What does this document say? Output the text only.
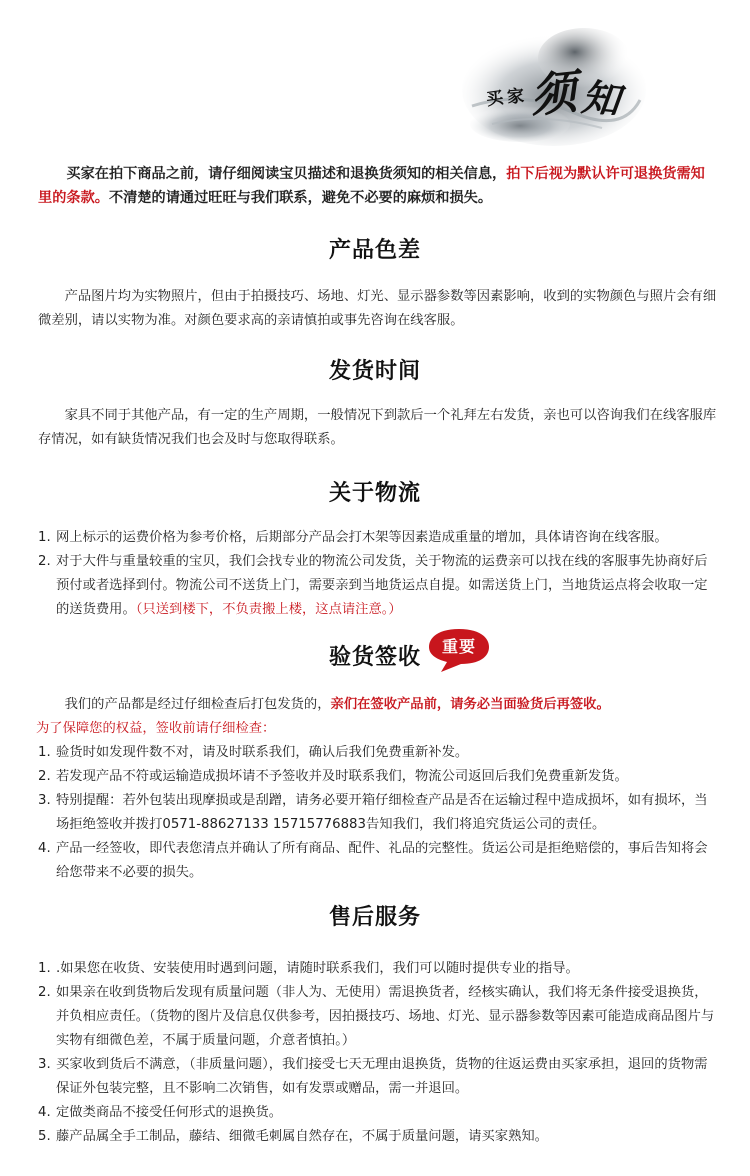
买 家 须 知
买家在拍下商品之前，请仔细阅读宝贝描述和退换货须知的相关信息，拍下后视为默认许可退换货需知里的条款。不清楚的请通过旺旺与我们联系，避免不必要的麻烦和损失。
产品色差
产品图片均为实物照片，但由于拍摄技巧、场地、灯光、显示器参数等因素影响，收到的实物颜色与照片会有细微差别，请以实物为准。对颜色要求高的亲请慎拍或事先咨询在线客服。
发货时间
家具不同于其他产品，有一定的生产周期，一般情况下到款后一个礼拜左右发货，亲也可以咨询我们在线客服库存情况，如有缺货情况我们也会及时与您取得联系。
关于物流
1. 网上标示的运费价格为参考价格，后期部分产品会打木架等因素造成重量的增加，具体请咨询在线客服。
2. 对于大件与重量较重的宝贝，我们会找专业的物流公司发货，关于物流的运费亲可以找在线的客服事先协商好后预付或者选择到付。物流公司不送货上门，需要亲到当地货运点自提。如需送货上门，当地货运点将会收取一定的送货费用。（只送到楼下，不负责搬上楼，这点请注意。）
验货签收	重要
我们的产品都是经过仔细检查后打包发货的，亲们在签收产品前，请务必当面验货后再签收。
为了保障您的权益，签收前请仔细检查：
1. 验货时如发现件数不对，请及时联系我们，确认后我们免费重新补发。
2. 若发现产品不符或运输造成损坏请不予签收并及时联系我们，物流公司返回后我们免费重新发货。
3. 特别提醒：若外包装出现摩损或是刮蹭，请务必要开箱仔细检查产品是否在运输过程中造成损坏，如有损坏，当场拒绝签收并拨打0571-88627133 15715776883告知我们，我们将追究货运公司的责任。
4. 产品一经签收，即代表您清点并确认了所有商品、配件、礼品的完整性。货运公司是拒绝赔偿的，事后告知将会给您带来不必要的损失。
售后服务
1. .如果您在收货、安装使用时遇到问题，请随时联系我们，我们可以随时提供专业的指导。
2. 如果亲在收到货物后发现有质量问题（非人为、无使用）需退换货者，经核实确认，我们将无条件接受退换货，并负相应责任。（货物的图片及信息仅供参考，因拍摄技巧、场地、灯光、显示器参数等因素可能造成商品图片与实物有细微色差，不属于质量问题，介意者慎拍。）
3. 买家收到货后不满意，（非质量问题），我们接受七天无理由退换货，货物的往返运费由买家承担，退回的货物需保证外包装完整，且不影响二次销售，如有发票或赠品，需一并退回。
4. 定做类商品不接受任何形式的退换货。
5. 藤产品属全手工制品，藤结、细微毛刺属自然存在，不属于质量问题，请买家熟知。
